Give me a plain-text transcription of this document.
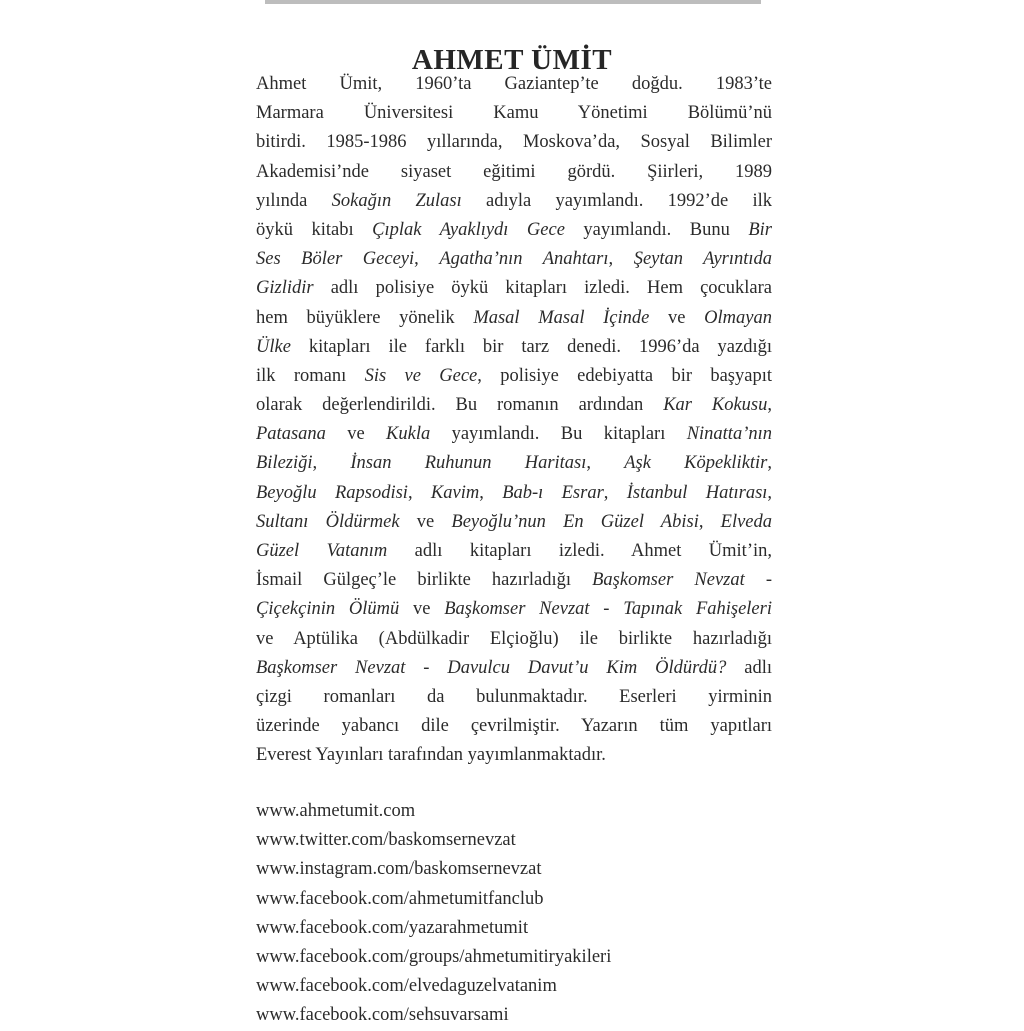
AHMET ÜMİT
Ahmet Ümit, 1960’ta Gaziantep’te doğdu. 1983’te
Marmara Üniversitesi Kamu Yönetimi Bölümü’nü
bitirdi. 1985-1986 yıllarında, Moskova’da, Sosyal Bilimler
Akademisi’nde siyaset eğitimi gördü. Şiirleri, 1989
yılında Sokağın Zulası adıyla yayımlandı. 1992’de ilk
öykü kitabı Çıplak Ayaklıydı Gece yayımlandı. Bunu Bir
Ses Böler Geceyi, Agatha’nın Anahtarı, Şeytan Ayrıntıda
Gizlidir adlı polisiye öykü kitapları izledi. Hem çocuklara
hem büyüklere yönelik Masal Masal İçinde ve Olmayan
Ülke kitapları ile farklı bir tarz denedi. 1996’da yazdığı
ilk romanı Sis ve Gece, polisiye edebiyatta bir başyapıt
olarak değerlendirildi. Bu romanın ardından Kar Kokusu,
Patasana ve Kukla yayımlandı. Bu kitapları Ninatta’nın
Bileziği, İnsan Ruhunun Haritası, Aşk Köpekliktir,
Beyoğlu Rapsodisi, Kavim, Bab-ı Esrar, İstanbul Hatırası,
Sultanı Öldürmek ve Beyoğlu’nun En Güzel Abisi, Elveda
Güzel Vatanım adlı kitapları izledi. Ahmet Ümit’in,
İsmail Gülgeç’le birlikte hazırladığı Başkomser Nevzat -
Çiçekçinin Ölümü ve Başkomser Nevzat - Tapınak Fahişeleri
ve Aptülika (Abdülkadir Elçioğlu) ile birlikte hazırladığı
Başkomser Nevzat - Davulcu Davut’u Kim Öldürdü? adlı
çizgi romanları da bulunmaktadır. Eserleri yirminin
üzerinde yabancı dile çevrilmiştir. Yazarın tüm yapıtları
Everest Yayınları tarafından yayımlanmaktadır.
www.ahmetumit.com
www.twitter.com/baskomsernevzat
www.instagram.com/baskomsernevzat
www.facebook.com/ahmetumitfanclub
www.facebook.com/yazarahmetumit
www.facebook.com/groups/ahmetumitiryakileri
www.facebook.com/elvedaguzelvatanim
www.facebook.com/sehsuvarsami
